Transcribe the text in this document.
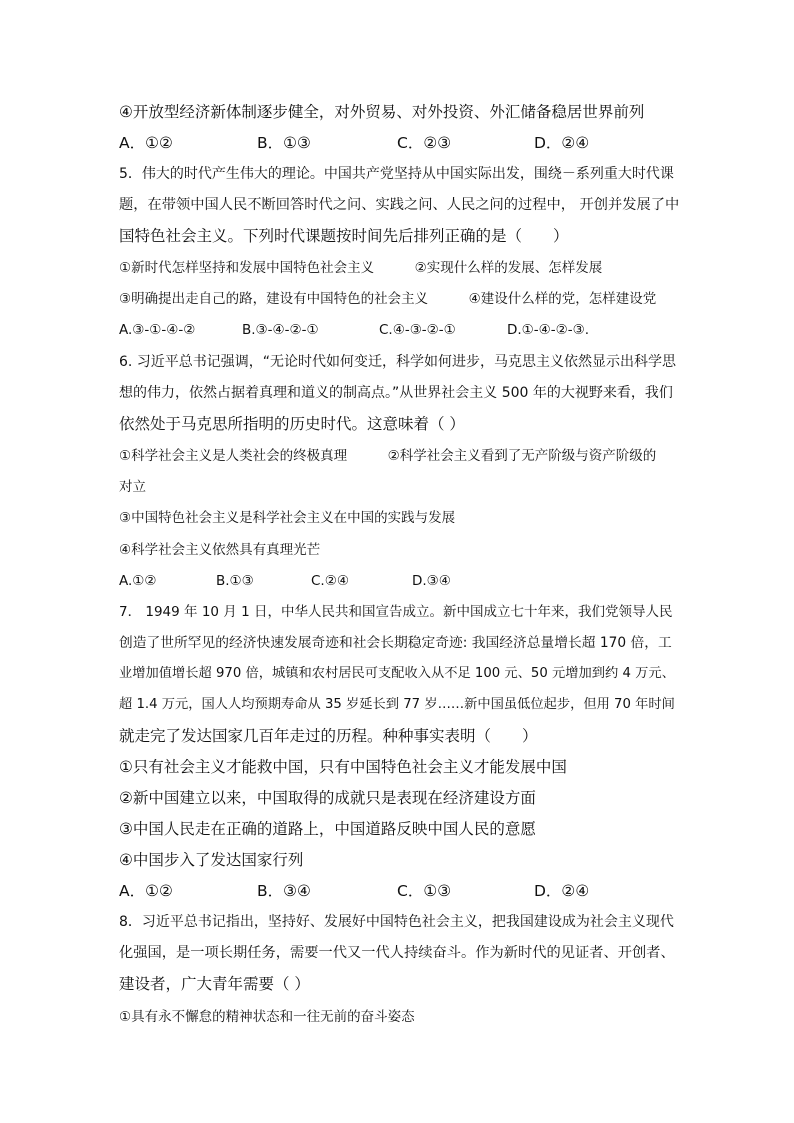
④开放型经济新体制逐步健全，对外贸易、对外投资、外汇储备稳居世界前列
A．①②	B．①③	C．②③	D．②④
5．伟大的时代产生伟大的理论。中国共产党坚持从中国实际出发，围绕－系列重大时代课
题，在带领中国人民不断回答时代之问、实践之问、人民之问的过程中， 开创并发展了中
国特色社会主义。下列时代课题按时间先后排列正确的是（　　）
①新时代怎样坚持和发展中国特色社会主义　　　②实现什么样的发展、怎样发展
③明确提出走自己的路，建设有中国特色的社会主义　　　④建设什么样的党，怎样建设党
A.③-①-④-②	B.③-④-②-①	C.④-③-②-①	D.①-④-②-③.
6. 习近平总书记强调，“无论时代如何变迁，科学如何进步，马克思主义依然显示出科学思
想的伟力，依然占据着真理和道义的制高点。”从世界社会主义 500 年的大视野来看，我们
依然处于马克思所指明的历史时代。这意味着（ ）
①科学社会主义是人类社会的终极真理　　　②科学社会主义看到了无产阶级与资产阶级的
对立
③中国特色社会主义是科学社会主义在中国的实践与发展
④科学社会主义依然具有真理光芒
A.①②	B.①③	C.②④	D.③④
7． 1949 年 10 月 1 日，中华人民共和国宣告成立。新中国成立七十年来，我们党领导人民
创造了世所罕见的经济快速发展奇迹和社会长期稳定奇迹: 我国经济总量增长超 170 倍，工
业增加值增长超 970 倍，城镇和农村居民可支配收入从不足 100 元、50 元增加到约 4 万元、
超 1.4 万元，国人人均预期寿命从 35 岁延长到 77 岁……新中国虽低位起步，但用 70 年时间
就走完了发达国家几百年走过的历程。种种事实表明（　　）
①只有社会主义才能救中国，只有中国特色社会主义才能发展中国
②新中国建立以来，中国取得的成就只是表现在经济建设方面
③中国人民走在正确的道路上，中国道路反映中国人民的意愿
④中国步入了发达国家行列
A．①②	B．③④	C．①③	D．②④
8．习近平总书记指出，坚持好、发展好中国特色社会主义，把我国建设成为社会主义现代
化强国，是一项长期任务，需要一代又一代人持续奋斗。作为新时代的见证者、开创者、
建设者，广大青年需要（ ）
①具有永不懈怠的精神状态和一往无前的奋斗姿态
